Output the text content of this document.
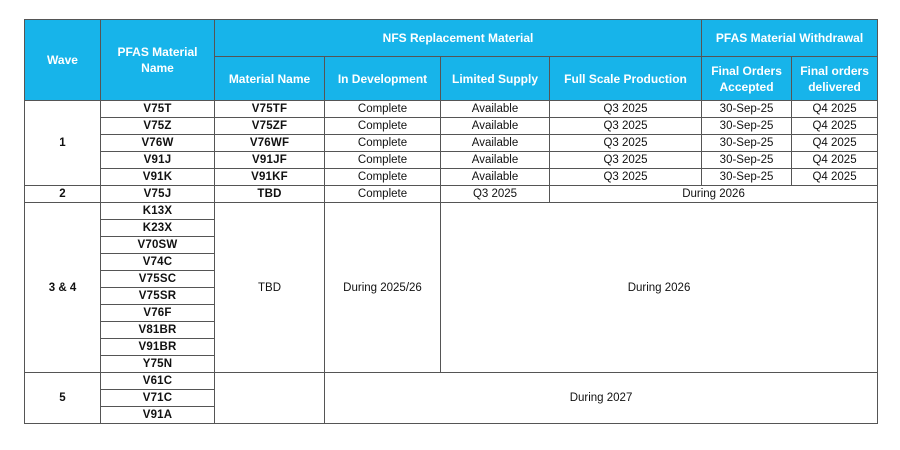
Wave	PFAS Material Name	NFS Replacement Material				PFAS Material Withdrawal	
		Material Name	In Development	Limited Supply	Full Scale Production	Final Orders Accepted	Final orders delivered
1	V75T	V75TF	Complete	Available	Q3 2025	30-Sep-25	Q4 2025
	V75Z	V75ZF	Complete	Available	Q3 2025	30-Sep-25	Q4 2025
	V76W	V76WF	Complete	Available	Q3 2025	30-Sep-25	Q4 2025
	V91J	V91JF	Complete	Available	Q3 2025	30-Sep-25	Q4 2025
	V91K	V91KF	Complete	Available	Q3 2025	30-Sep-25	Q4 2025
2	V75J	TBD	Complete	Q3 2025	During 2026		
3 & 4	K13X	TBD	During 2025/26	During 2026			
	K23X						
	V70SW						
	V74C						
	V75SC						
	V75SR						
	V76F						
	V81BR						
	V91BR						
	Y75N						
5	V61C		During 2027				
	V71C						
	V91A						
